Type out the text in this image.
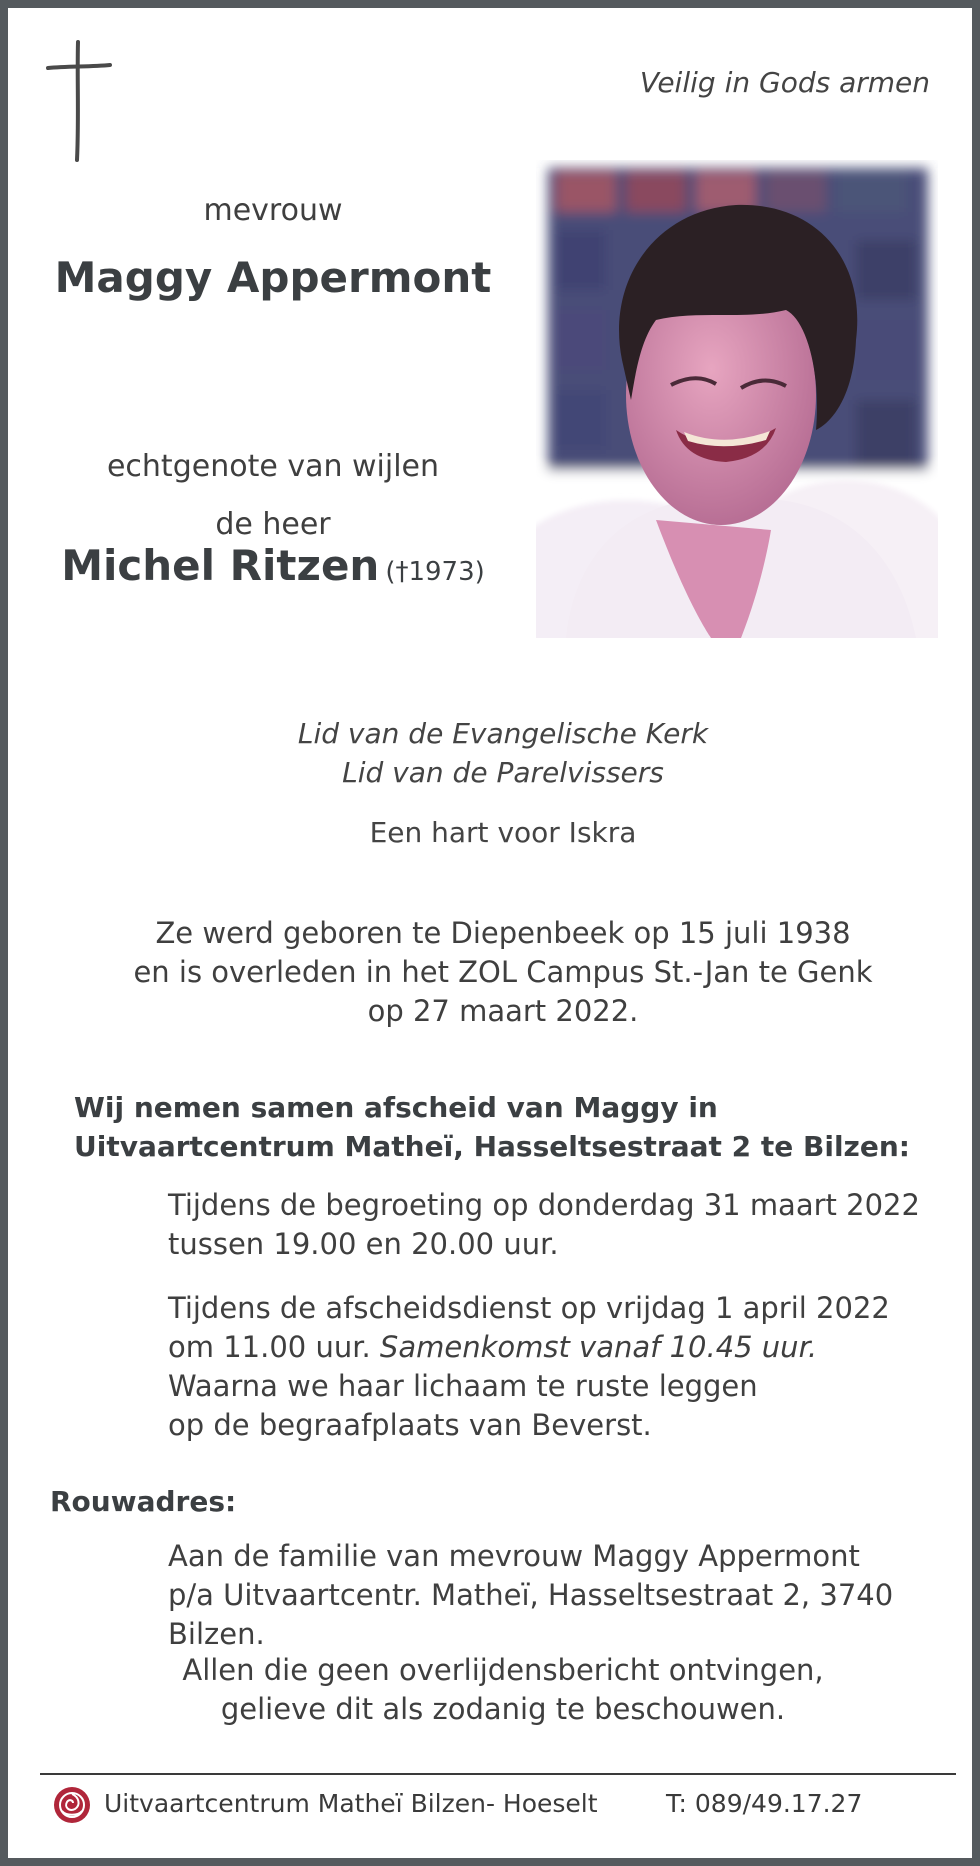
Veilig in Gods armen
mevrouw
Maggy Appermont
echtgenote van wijlen
de heer
Michel Ritzen (†1973)
Lid van de Evangelische Kerk
Lid van de Parelvissers
Een hart voor Iskra
Ze werd geboren te Diepenbeek op 15 juli 1938
en is overleden in het ZOL Campus St.-Jan te Genk
op 27 maart 2022.
Wij nemen samen afscheid van Maggy in
Uitvaartcentrum Matheï, Hasseltsestraat 2 te Bilzen:
Tijdens de begroeting op donderdag 31 maart 2022
tussen 19.00 en 20.00 uur.
Tijdens de afscheidsdienst op vrijdag 1 april 2022
om 11.00 uur. Samenkomst vanaf 10.45 uur.
Waarna we haar lichaam te ruste leggen
op de begraafplaats van Beverst.
Rouwadres:
Aan de familie van mevrouw Maggy Appermont
p/a Uitvaartcentr. Matheï, Hasseltsestraat 2, 3740 Bilzen.
Allen die geen overlijdensbericht ontvingen,
gelieve dit als zodanig te beschouwen.
Uitvaartcentrum Matheï Bilzen- Hoeselt	T: 089/49.17.27
